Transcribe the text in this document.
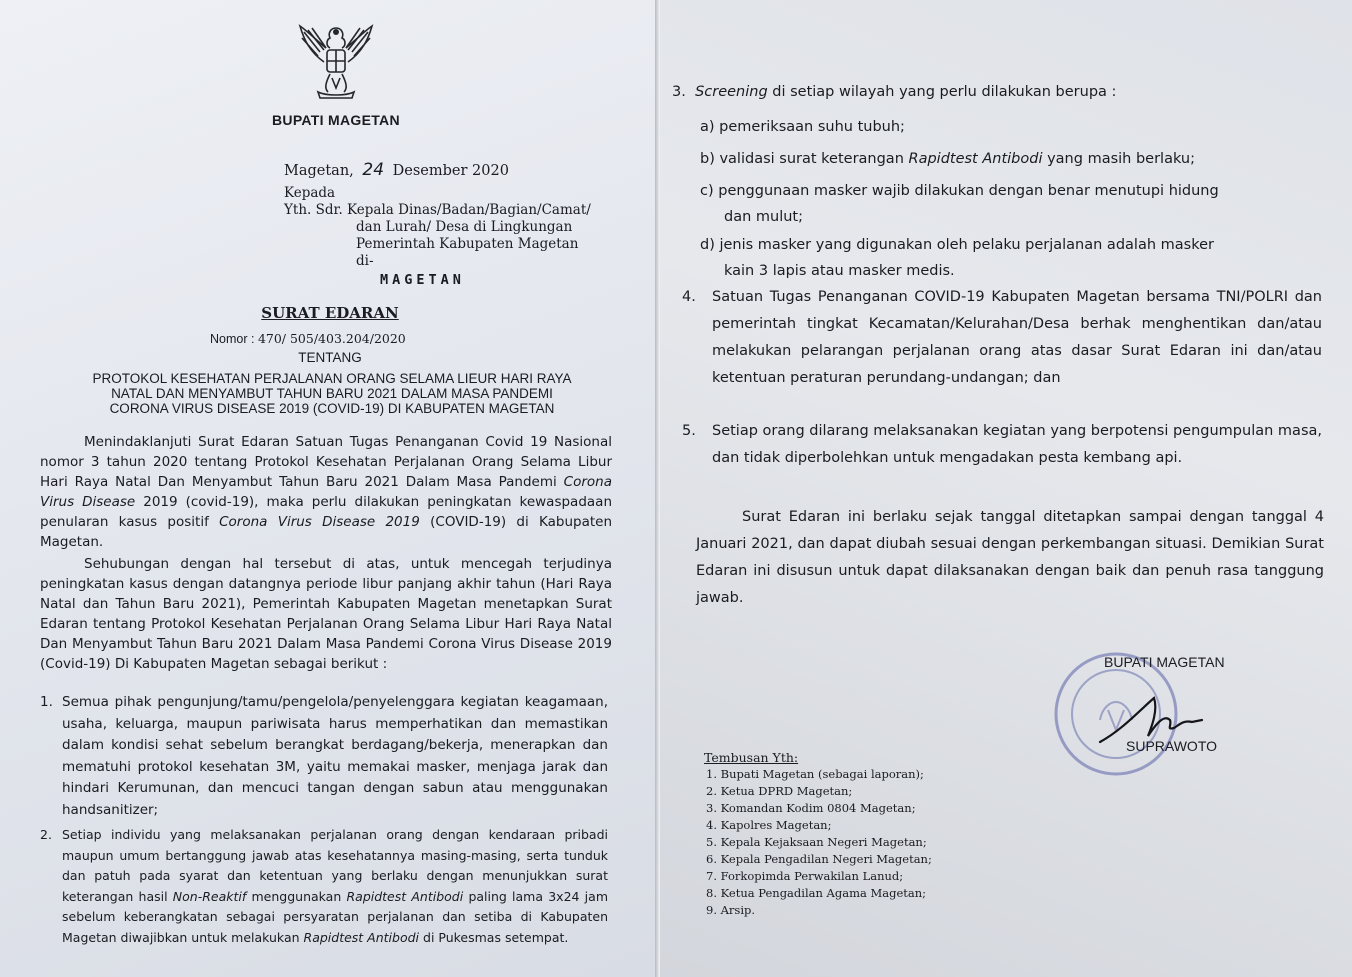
BUPATI MAGETAN
Magetan, 24 Desember 2020
Kepada
Yth. Sdr. Kepala Dinas/Badan/Bagian/Camat/
dan Lurah/ Desa di Lingkungan
Pemerintah Kabupaten Magetan
di-
MAGETAN
SURAT EDARAN
Nomor : 470/ 505/403.204/2020
TENTANG
PROTOKOL KESEHATAN PERJALANAN ORANG SELAMA LIEUR HARI RAYA
NATAL DAN MENYAMBUT TAHUN BARU 2021 DALAM MASA PANDEMI
CORONA VIRUS DISEASE 2019 (COVID-19) DI KABUPATEN MAGETAN
Menindaklanjuti Surat Edaran Satuan Tugas Penanganan Covid 19 Nasional nomor 3 tahun 2020 tentang Protokol Kesehatan Perjalanan Orang Selama Libur Hari Raya Natal Dan Menyambut Tahun Baru 2021 Dalam Masa Pandemi Corona Virus Disease 2019 (covid-19), maka perlu dilakukan peningkatan kewaspadaan penularan kasus positif Corona Virus Disease 2019 (COVID-19) di Kabupaten Magetan.
Sehubungan dengan hal tersebut di atas, untuk mencegah terjudinya peningkatan kasus dengan datangnya periode libur panjang akhir tahun (Hari Raya Natal dan Tahun Baru 2021), Pemerintah Kabupaten Magetan menetapkan Surat Edaran tentang Protokol Kesehatan Perjalanan Orang Selama Libur Hari Raya Natal Dan Menyambut Tahun Baru 2021 Dalam Masa Pandemi Corona Virus Disease 2019 (Covid-19) Di Kabupaten Magetan sebagai berikut :
1. Semua pihak pengunjung/tamu/pengelola/penyelenggara kegiatan keagamaan, usaha, keluarga, maupun pariwisata harus memperhatikan dan memastikan dalam kondisi sehat sebelum berangkat berdagang/bekerja, menerapkan dan mematuhi protokol kesehatan 3M, yaitu memakai masker, menjaga jarak dan hindari Kerumunan, dan mencuci tangan dengan sabun atau menggunakan handsanitizer;
2. Setiap individu yang melaksanakan perjalanan orang dengan kendaraan pribadi maupun umum bertanggung jawab atas kesehatannya masing-masing, serta tunduk dan patuh pada syarat dan ketentuan yang berlaku dengan menunjukkan surat keterangan hasil Non-Reaktif menggunakan Rapidtest Antibodi paling lama 3x24 jam sebelum keberangkatan sebagai persyaratan perjalanan dan setiba di Kabupaten Magetan diwajibkan untuk melakukan Rapidtest Antibodi di Pukesmas setempat.
3. Screening di setiap wilayah yang perlu dilakukan berupa :
a) pemeriksaan suhu tubuh;
b) validasi surat keterangan Rapidtest Antibodi yang masih berlaku;
c) penggunaan masker wajib dilakukan dengan benar menutupi hidung
dan mulut;
d) jenis masker yang digunakan oleh pelaku perjalanan adalah masker
kain 3 lapis atau masker medis.
4.	Satuan Tugas Penanganan COVID-19 Kabupaten Magetan bersama TNI/POLRI dan pemerintah tingkat Kecamatan/Kelurahan/Desa berhak menghentikan dan/atau melakukan pelarangan perjalanan orang atas dasar Surat Edaran ini dan/atau ketentuan peraturan perundang-undangan; dan
5.	Setiap orang dilarang melaksanakan kegiatan yang berpotensi pengumpulan masa, dan tidak diperbolehkan untuk mengadakan pesta kembang api.
Surat Edaran ini berlaku sejak tanggal ditetapkan sampai dengan tanggal 4 Januari 2021, dan dapat diubah sesuai dengan perkembangan situasi. Demikian Surat Edaran ini disusun untuk dapat dilaksanakan dengan baik dan penuh rasa tanggung jawab.
BUPATI MAGETAN
SUPRAWOTO
Tembusan Yth:
1. Bupati Magetan (sebagai laporan);
2. Ketua DPRD Magetan;
3. Komandan Kodim 0804 Magetan;
4. Kapolres Magetan;
5. Kepala Kejaksaan Negeri Magetan;
6. Kepala Pengadilan Negeri Magetan;
7. Forkopimda Perwakilan Lanud;
8. Ketua Pengadilan Agama Magetan;
9. Arsip.
